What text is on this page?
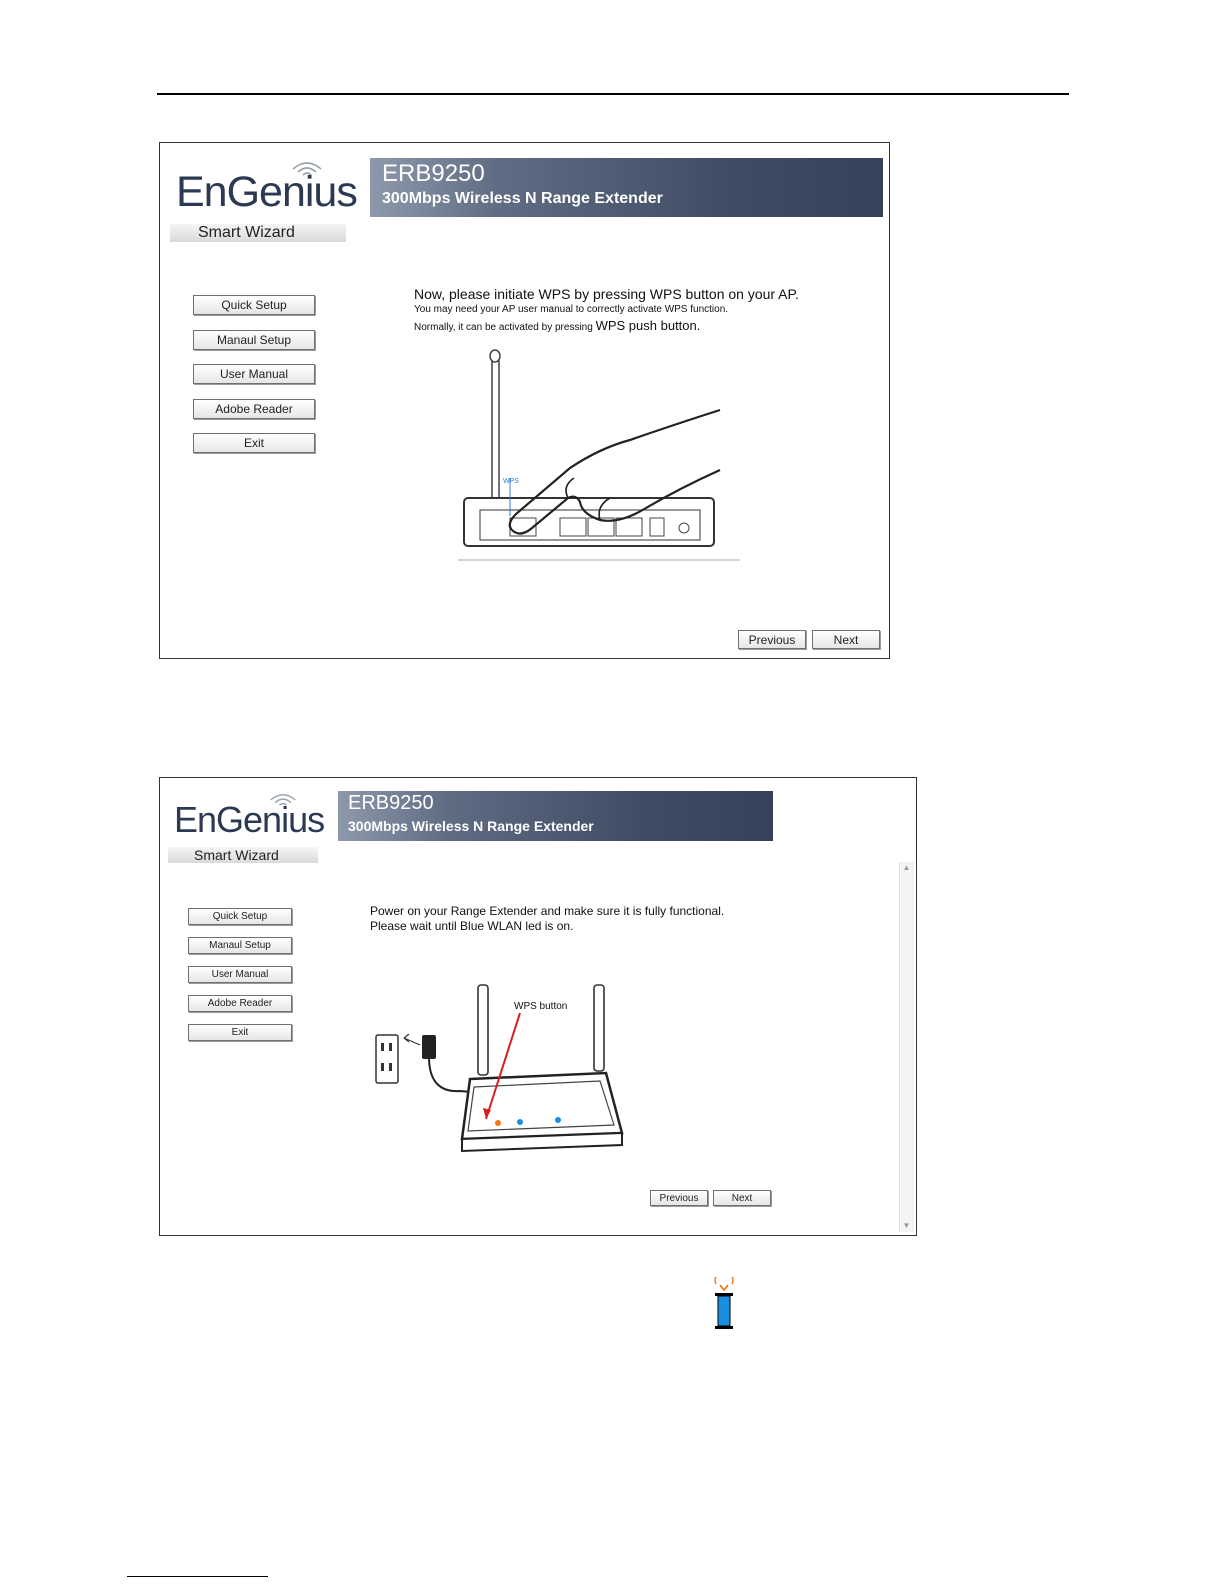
EnGenius ERB9250
300Mbps Wireless N Range Extender
Smart Wizard
Quick Setup
Manaul Setup
User Manual
Adobe Reader
Exit
Now, please initiate WPS by pressing WPS button on your AP.
You may need your AP user manual to correctly activate WPS function.
Normally, it can be activated by pressing WPS push button.
WPS
Previous	Next
EnGenius ERB9250
300Mbps Wireless N Range Extender
Smart Wizard
Quick Setup
Manaul Setup
User Manual
Adobe Reader
Exit
Power on your Range Extender and make sure it is fully functional.
Please wait until Blue WLAN led is on.
WPS button
Previous	Next
▲
▼
